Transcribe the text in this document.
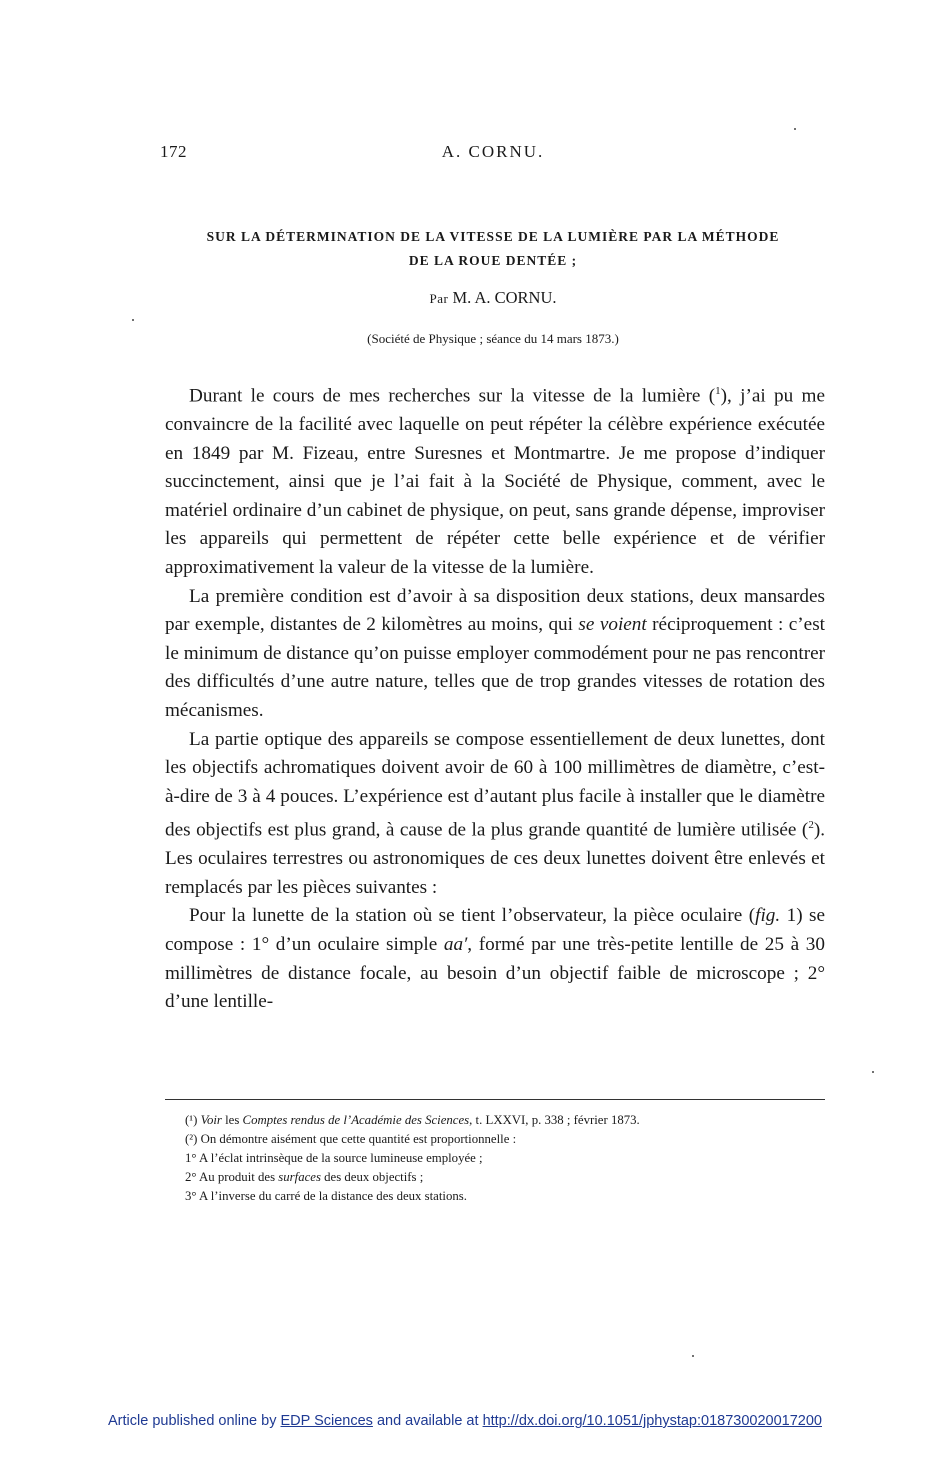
172	A. CORNU.
SUR LA DÉTERMINATION DE LA VITESSE DE LA LUMIÈRE PAR LA MÉTHODE
DE LA ROUE DENTÉE ;
Par M. A. CORNU.
(Société de Physique ; séance du 14 mars 1873.)

Durant le cours de mes recherches sur la vitesse de la lumière ($^1$), j’ai pu me convaincre de la facilité avec laquelle on peut répéter la célèbre expérience exécutée en 1849 par M. Fizeau, entre Suresnes et Montmartre. Je me propose d’indiquer succinctement, ainsi que je l’ai fait à la Société de Physique, comment, avec le matériel ordinaire d’un cabinet de physique, on peut, sans grande dépense, improviser les appareils qui permettent de répéter cette belle expérience et de vérifier approximativement la valeur de la vitesse de la lumière.

La première condition est d’avoir à sa disposition deux stations, deux mansardes par exemple, distantes de 2 kilomètres au moins, qui se voient réciproquement : c’est le minimum de distance qu’on puisse employer commodément pour ne pas rencontrer des difficultés d’une autre nature, telles que de trop grandes vitesses de rotation des mécanismes.

La partie optique des appareils se compose essentiellement de deux lunettes, dont les objectifs achromatiques doivent avoir de 60 à 100 millimètres de diamètre, c’est-à-dire de 3 à 4 pouces. L’expérience est d’autant plus facile à installer que le diamètre des objectifs est plus grand, à cause de la plus grande quantité de lumière utilisée ($^2$). Les oculaires terrestres ou astronomiques de ces deux lunettes doivent être enlevés et remplacés par les pièces suivantes :

Pour la lunette de la station où se tient l’observateur, la pièce oculaire (fig. 1) se compose : 1° d’un oculaire simple aa′, formé par une très-petite lentille de 25 à 30 millimètres de distance focale, au besoin d’un objectif faible de microscope ; 2° d’une lentille-

(¹) Voir les Comptes rendus de l’Académie des Sciences, t. LXXVI, p. 338 ; février 1873.

(²) On démontre aisément que cette quantité est proportionnelle :

1° A l’éclat intrinsèque de la source lumineuse employée ;

2° Au produit des surfaces des deux objectifs ;

3° A l’inverse du carré de la distance des deux stations.

Article published online by EDP Sciences and available at http://dx.doi.org/10.1051/jphystap:018730020017200
